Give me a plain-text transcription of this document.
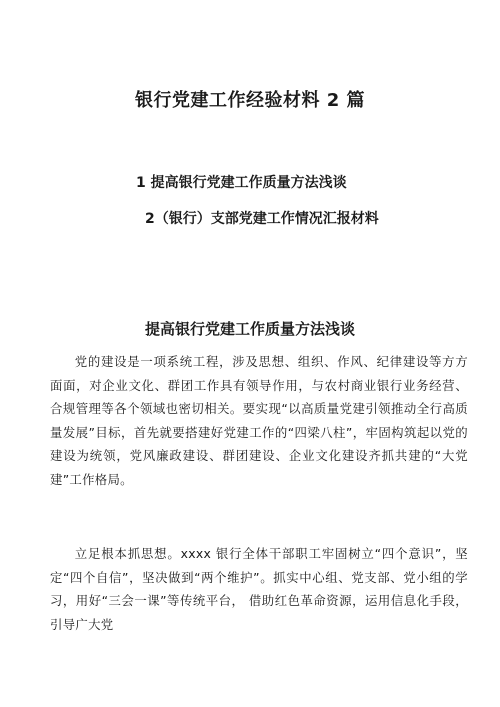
银行党建工作经验材料 2 篇
1 提高银行党建工作质量方法浅谈
2（银行）支部党建工作情况汇报材料
提高银行党建工作质量方法浅谈

党的建设是一项系统工程，涉及思想、组织、作风、纪律建设等方方面面，对企业文化、群团工作具有领导作用，与农村商业银行业务经营、合规管理等各个领域也密切相关。要实现“以高质量党建引领推动全行高质量发展”目标，首先就要搭建好党建工作的“四梁八柱”，牢固构筑起以党的建设为统领，党风廉政建设、群团建设、企业文化建设齐抓共建的“大党建”工作格局。

立足根本抓思想。xxxx 银行全体干部职工牢固树立“四个意识”，坚定“四个自信”，坚决做到“两个维护”。抓实中心组、党支部、党小组的学习，用好“三会一课”等传统平台， 借助红色革命资源，运用信息化手段，引导广大党
